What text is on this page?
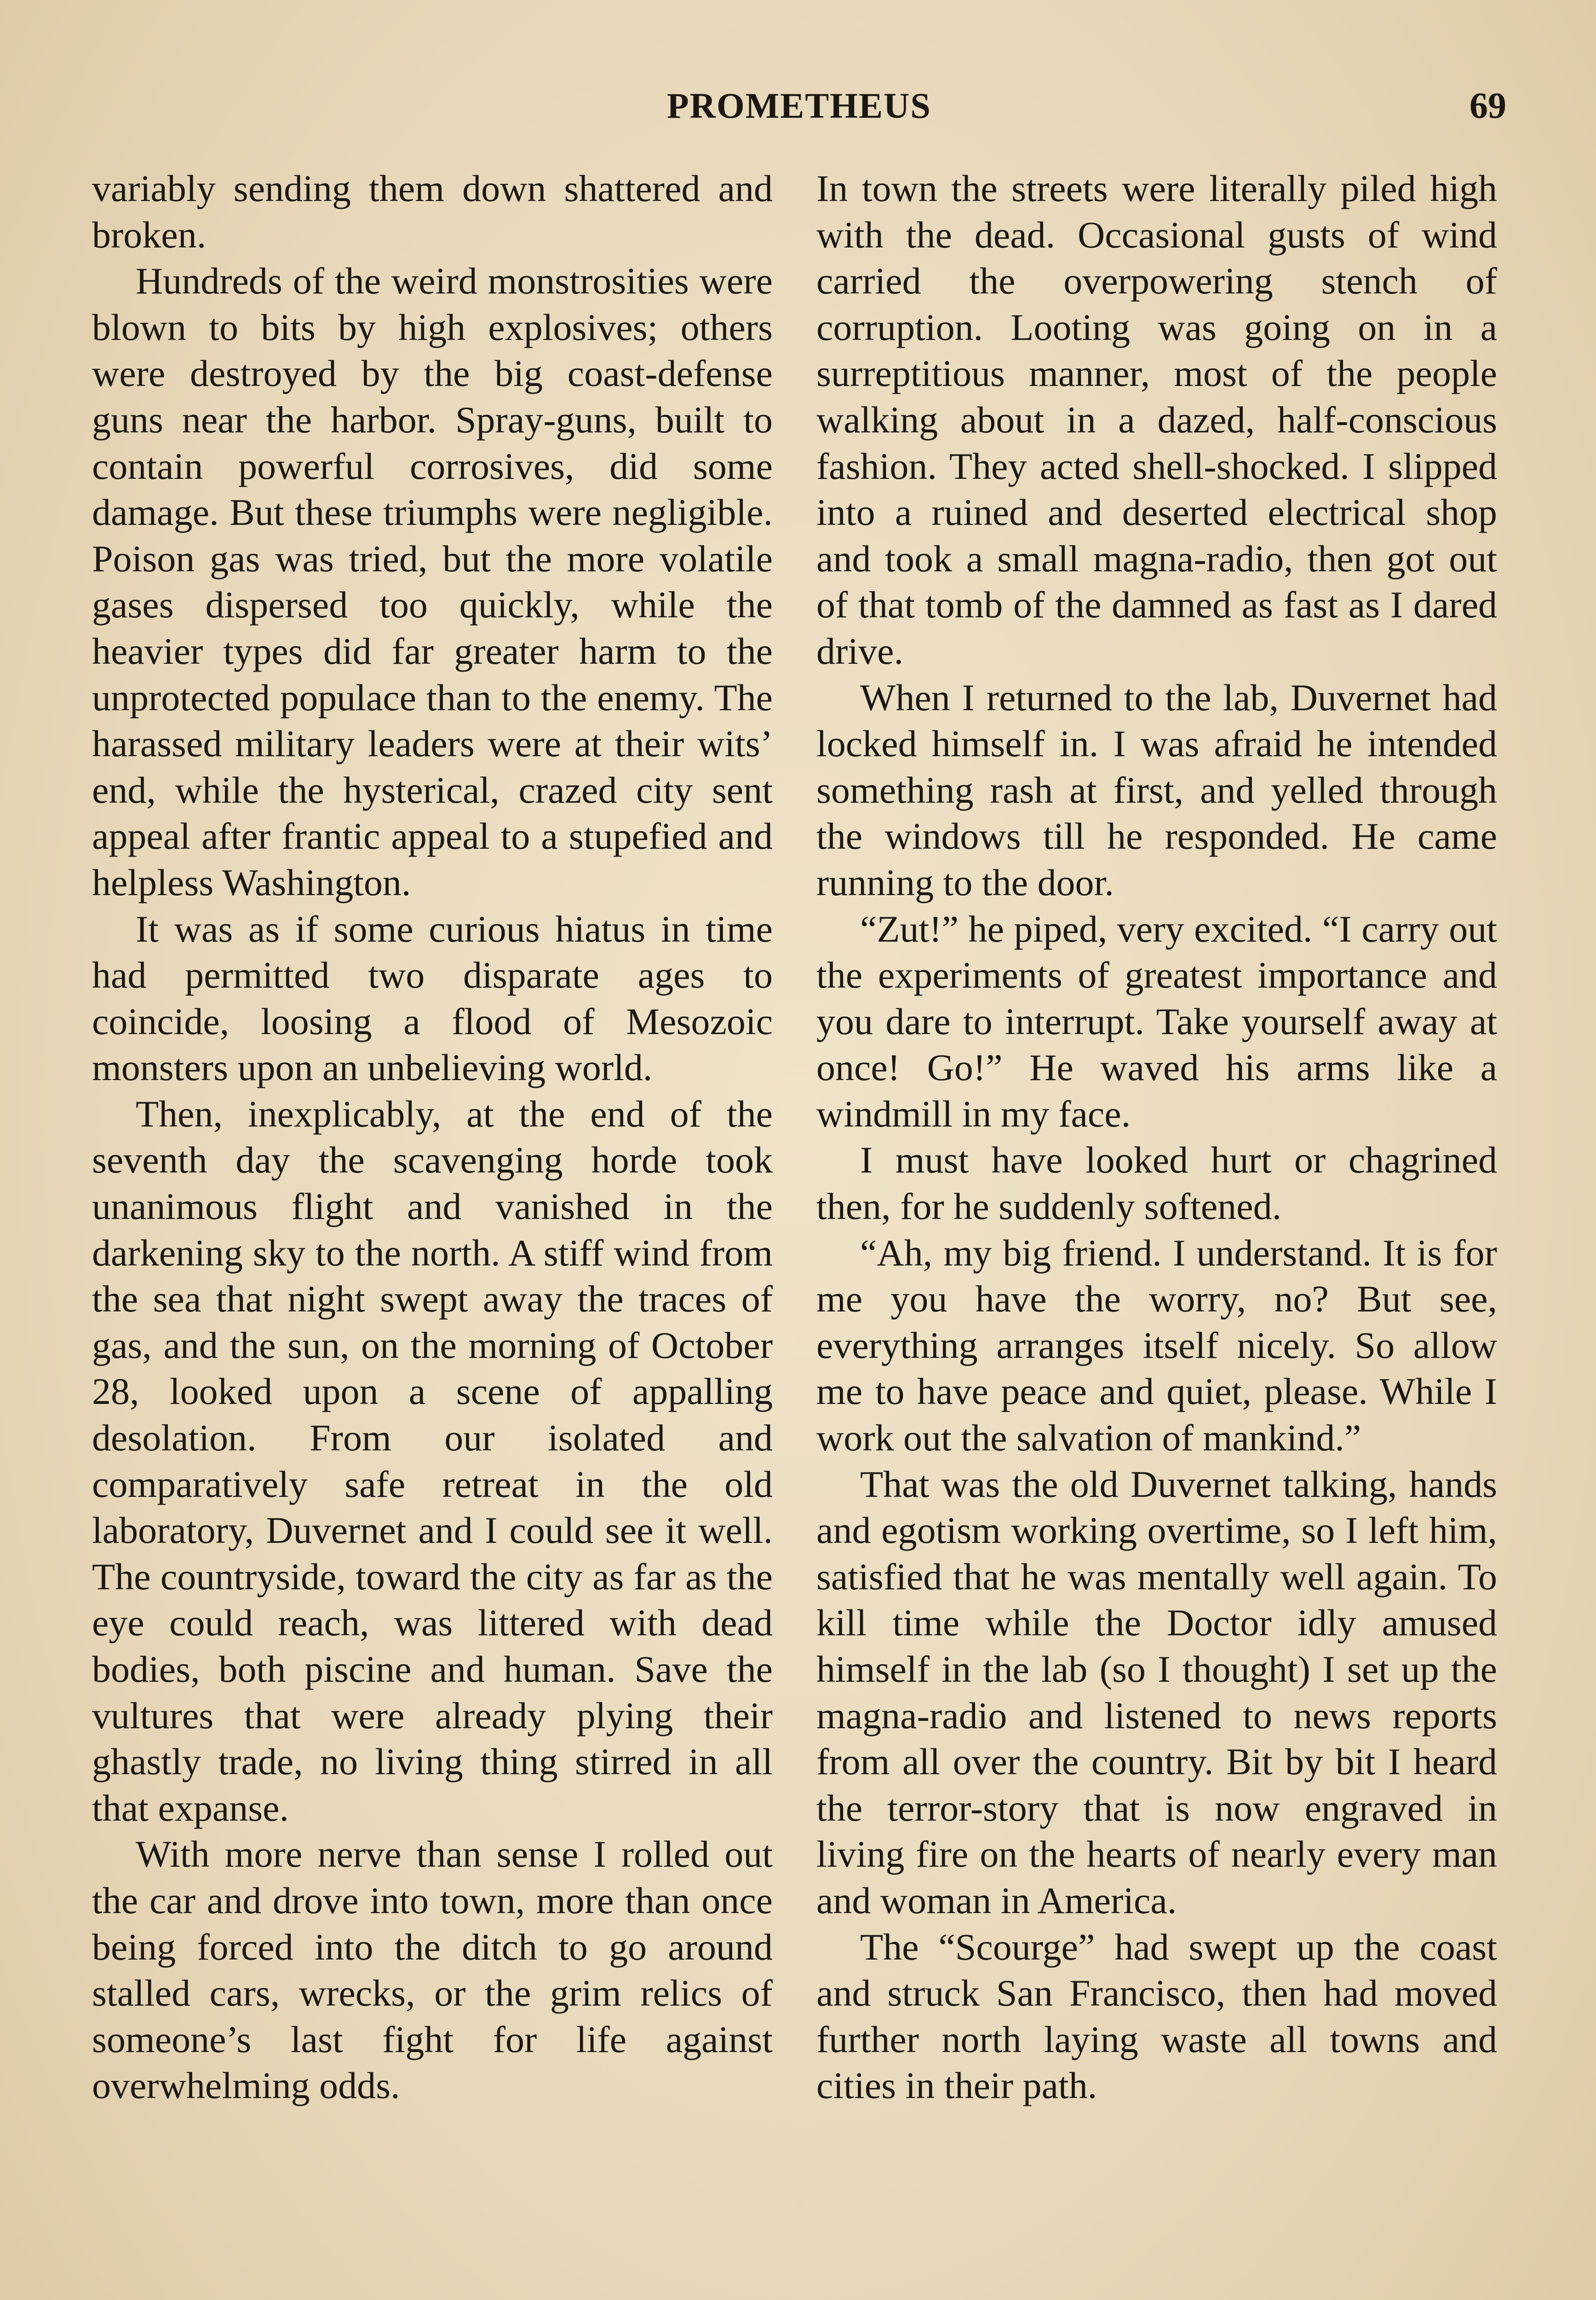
PROMETHEUS	69

variably sending them down shattered and broken.

Hundreds of the weird monstrosities were blown to bits by high explosives; others were destroyed by the big coast-defense guns near the harbor. Spray-guns, built to contain powerful corrosives, did some damage. But these triumphs were negligible. Poison gas was tried, but the more volatile gases dispersed too quickly, while the heavier types did far greater harm to the unprotected populace than to the enemy. The harassed military leaders were at their wits’ end, while the hysterical, crazed city sent appeal after frantic appeal to a stupefied and helpless Washington.

It was as if some curious hiatus in time had permitted two disparate ages to coincide, loosing a flood of Mesozoic monsters upon an unbelieving world.

Then, inexplicably, at the end of the seventh day the scavenging horde took unanimous flight and vanished in the darkening sky to the north. A stiff wind from the sea that night swept away the traces of gas, and the sun, on the morning of October 28, looked upon a scene of appalling desolation. From our isolated and comparatively safe retreat in the old laboratory, Duvernet and I could see it well. The countryside, toward the city as far as the eye could reach, was littered with dead bodies, both piscine and human. Save the vultures that were already plying their ghastly trade, no living thing stirred in all that expanse.

With more nerve than sense I rolled out the car and drove into town, more than once being forced into the ditch to go around stalled cars, wrecks, or the grim relics of someone’s last fight for life against overwhelming odds.

In town the streets were literally piled high with the dead. Occasional gusts of wind carried the overpowering stench of corruption. Looting was going on in a surreptitious manner, most of the people walking about in a dazed, half-conscious fashion. They acted shell-shocked. I slipped into a ruined and deserted electrical shop and took a small magna-radio, then got out of that tomb of the damned as fast as I dared drive.

When I returned to the lab, Duvernet had locked himself in. I was afraid he intended something rash at first, and yelled through the windows till he responded. He came running to the door.

“Zut!” he piped, very excited. “I carry out the experiments of greatest importance and you dare to interrupt. Take yourself away at once! Go!” He waved his arms like a windmill in my face.

I must have looked hurt or chagrined then, for he suddenly softened.

“Ah, my big friend. I understand. It is for me you have the worry, no? But see, everything arranges itself nicely. So allow me to have peace and quiet, please. While I work out the salvation of mankind.”

That was the old Duvernet talking, hands and egotism working overtime, so I left him, satisfied that he was mentally well again. To kill time while the Doctor idly amused himself in the lab (so I thought) I set up the magna-radio and listened to news reports from all over the country. Bit by bit I heard the terror-story that is now engraved in living fire on the hearts of nearly every man and woman in America.

The “Scourge” had swept up the coast and struck San Francisco, then had moved further north laying waste all towns and cities in their path.
